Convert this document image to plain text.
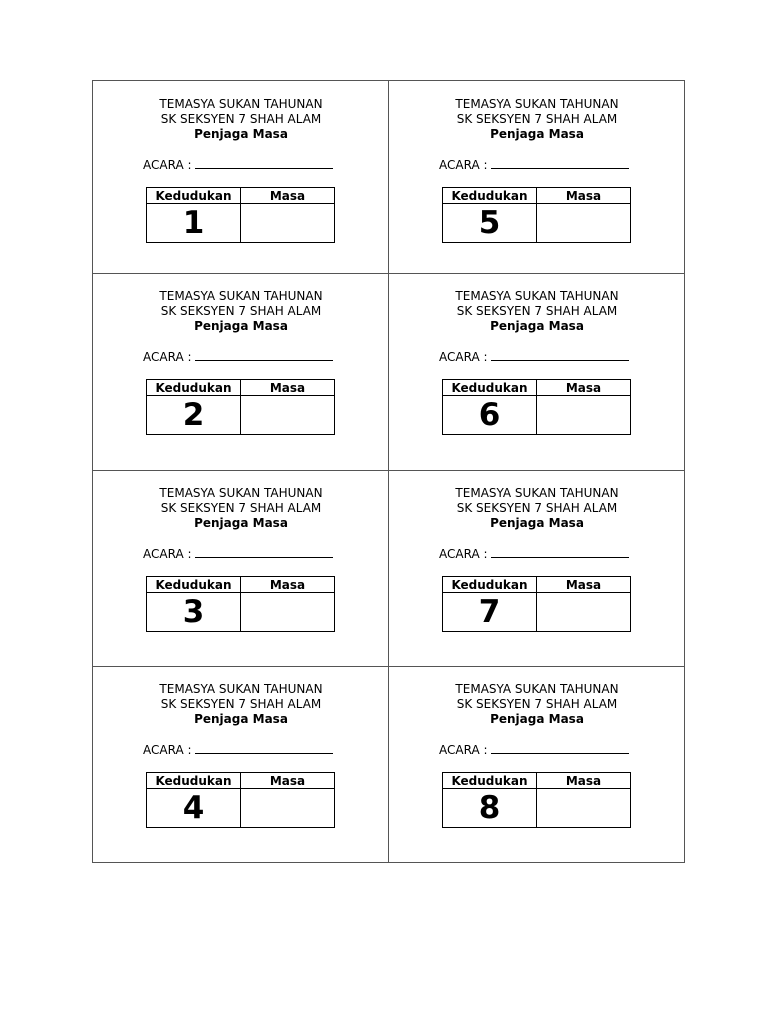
TEMASYA SUKAN TAHUNAN
SK SEKSYEN 7 SHAH ALAM
Penjaga Masa
ACARA :
Kedudukan	Masa
1	
TEMASYA SUKAN TAHUNAN
SK SEKSYEN 7 SHAH ALAM
Penjaga Masa
ACARA :
Kedudukan	Masa
2	
TEMASYA SUKAN TAHUNAN
SK SEKSYEN 7 SHAH ALAM
Penjaga Masa
ACARA :
Kedudukan	Masa
3	
TEMASYA SUKAN TAHUNAN
SK SEKSYEN 7 SHAH ALAM
Penjaga Masa
ACARA :
Kedudukan	Masa
4	
TEMASYA SUKAN TAHUNAN
SK SEKSYEN 7 SHAH ALAM
Penjaga Masa
ACARA :
Kedudukan	Masa
5	
TEMASYA SUKAN TAHUNAN
SK SEKSYEN 7 SHAH ALAM
Penjaga Masa
ACARA :
Kedudukan	Masa
6	
TEMASYA SUKAN TAHUNAN
SK SEKSYEN 7 SHAH ALAM
Penjaga Masa
ACARA :
Kedudukan	Masa
7	
TEMASYA SUKAN TAHUNAN
SK SEKSYEN 7 SHAH ALAM
Penjaga Masa
ACARA :
Kedudukan	Masa
8	
